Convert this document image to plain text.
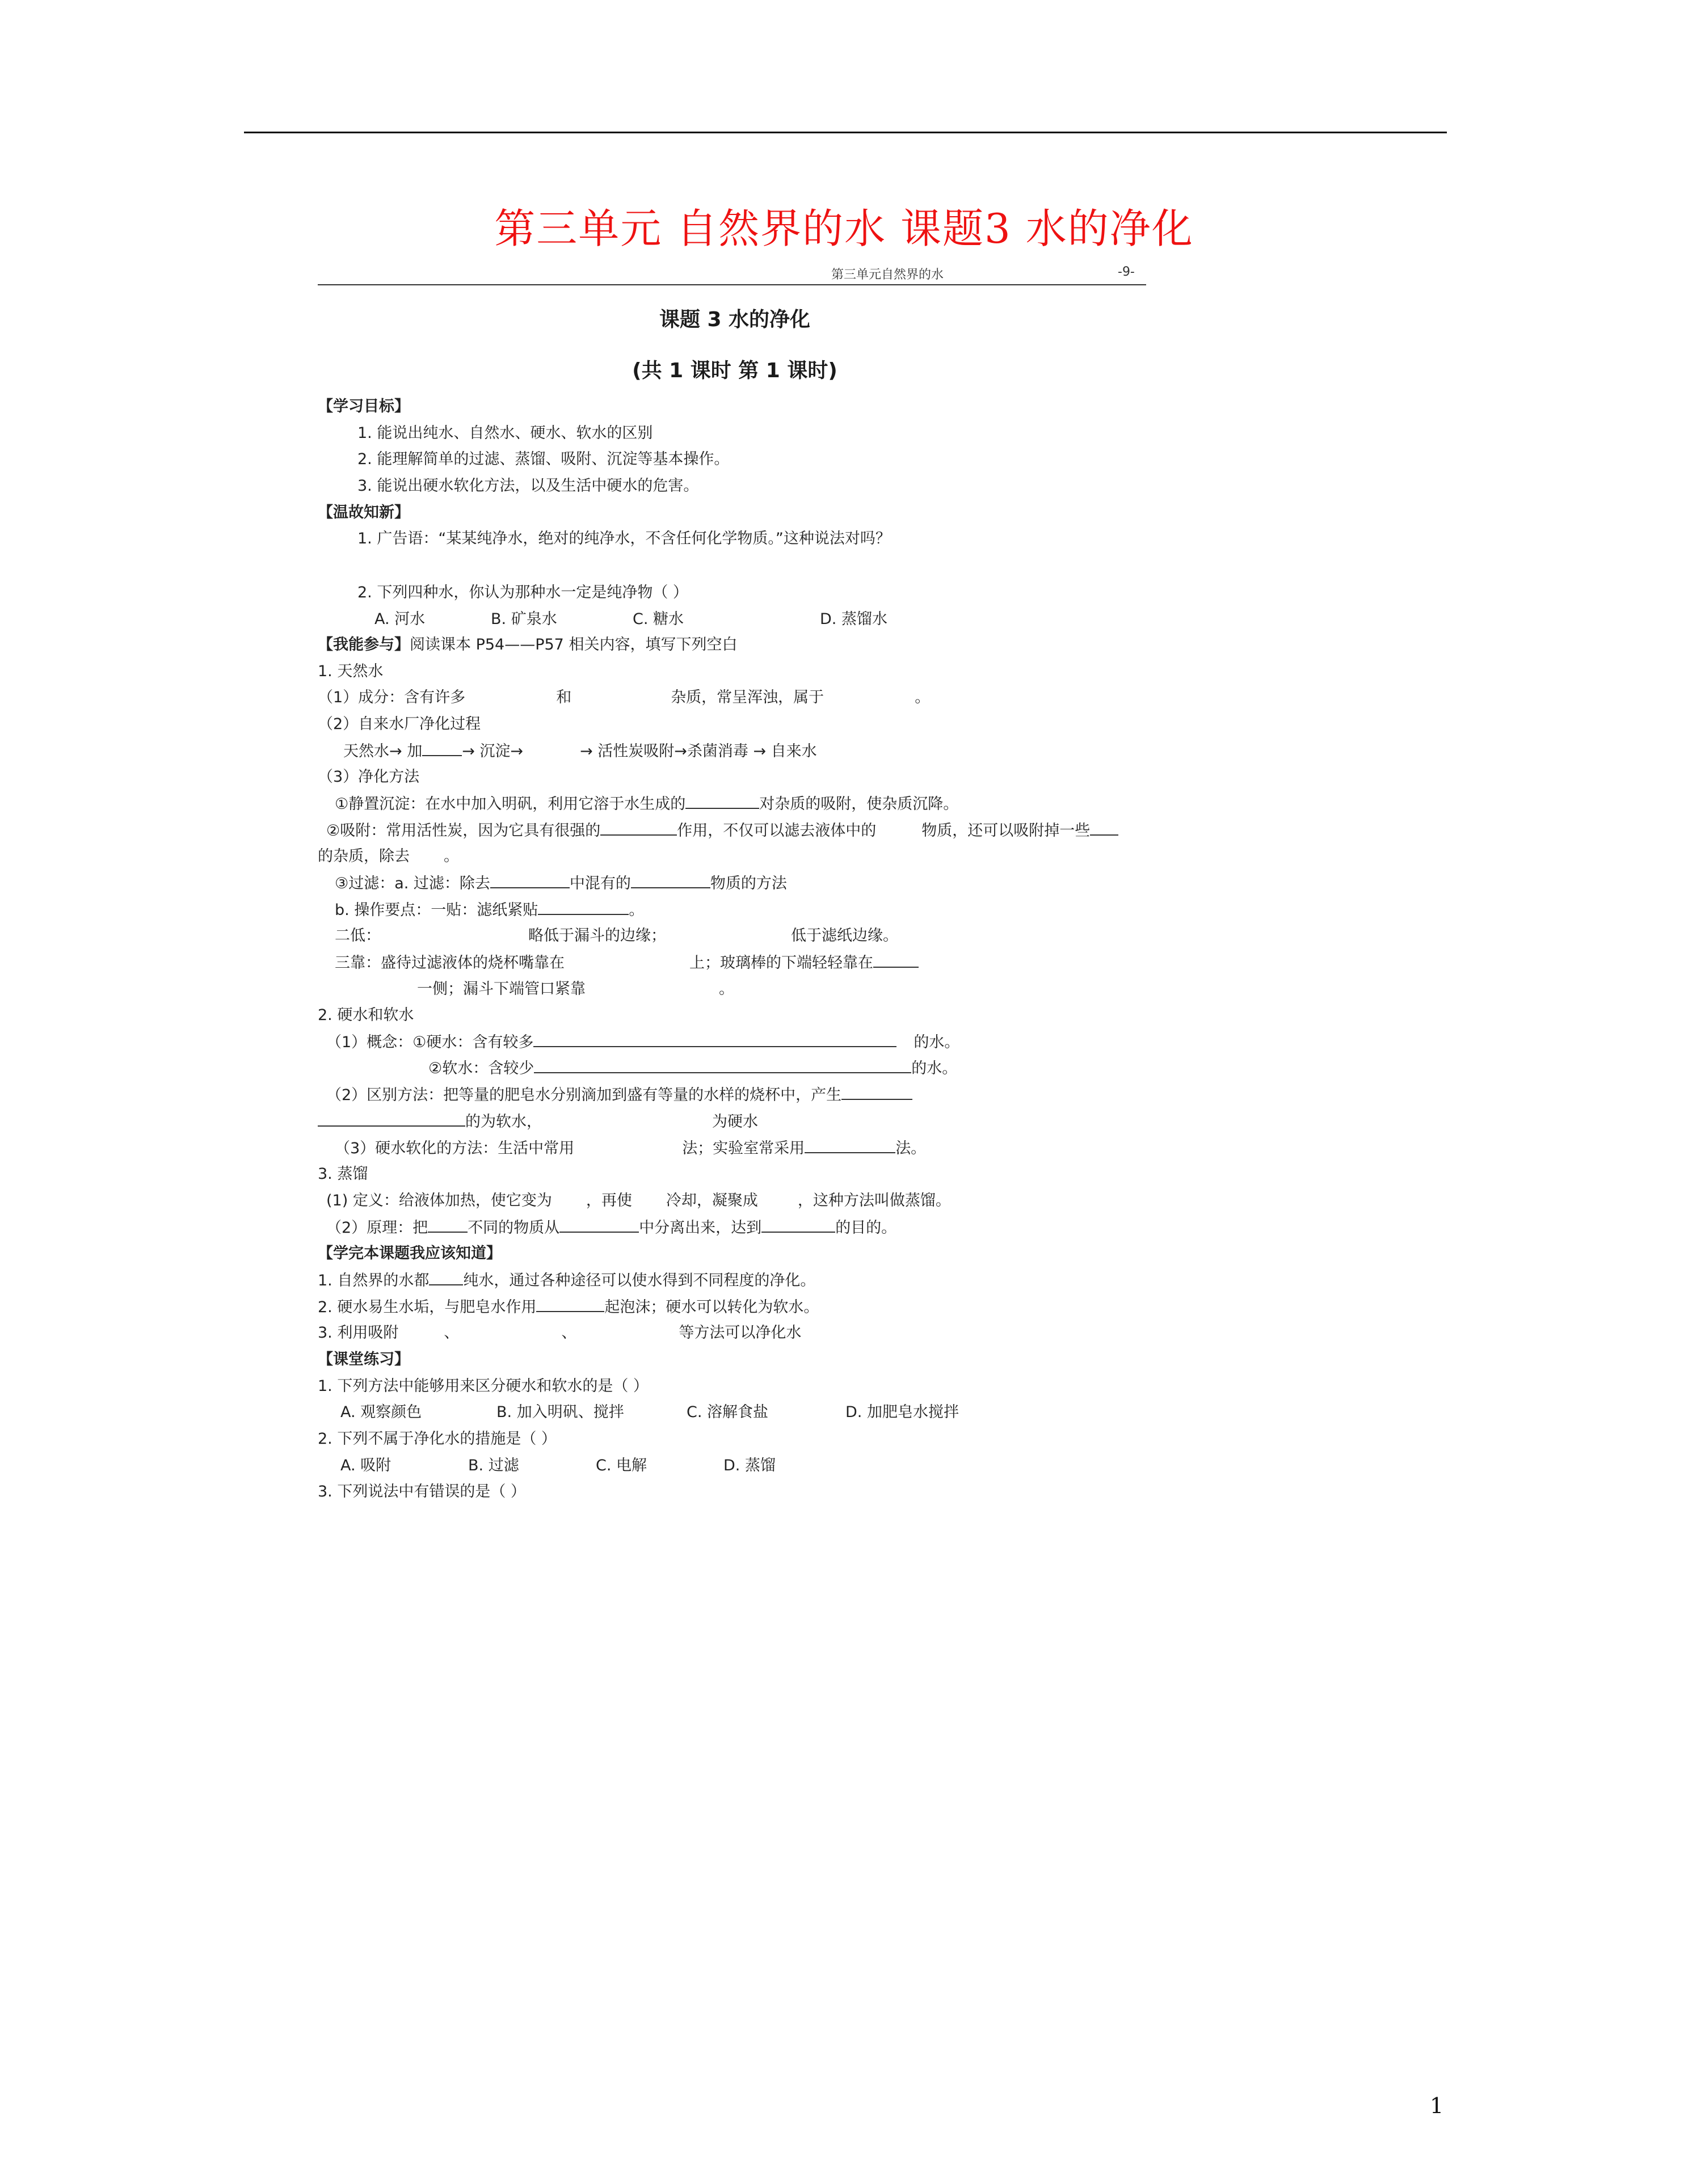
第三单元 自然界的水 课题3 水的净化
第三单元自然界的水	-9-
课题 3 水的净化
(共 1 课时 第 1 课时)
【学习目标】
1. 能说出纯水、自然水、硬水、软水的区别
2. 能理解简单的过滤、蒸馏、吸附、沉淀等基本操作。
3. 能说出硬水软化方法，以及生活中硬水的危害。
【温故知新】
1. 广告语：“某某纯净水，绝对的纯净水，不含任何化学物质。”这种说法对吗？
2. 下列四种水，你认为那种水一定是纯净物（ ）
A. 河水	B. 矿泉水	C. 糖水	D. 蒸馏水
【我能参与】阅读课本 P54——P57 相关内容，填写下列空白
1. 天然水
（1）成分：含有许多	和	杂质，常呈浑浊，属于	。
（2）自来水厂净化过程
天然水→ 加	→ 沉淀→	→ 活性炭吸附→杀菌消毒 → 自来水
（3）净化方法
①静置沉淀：在水中加入明矾，利用它溶于水生成的	对杂质的吸附，使杂质沉降。
②吸附：常用活性炭，因为它具有很强的	作用，不仅可以滤去液体中的	物质，还可以吸附掉一些
的杂质，除去 。
③过滤：a. 过滤：除去	中混有的	物质的方法
b. 操作要点：一贴：滤纸紧贴	。
二低：	略低于漏斗的边缘；	低于滤纸边缘。
三靠：盛待过滤液体的烧杯嘴靠在	上；玻璃棒的下端轻轻靠在
一侧；漏斗下端管口紧靠	。
2. 硬水和软水
（1）概念：①硬水：含有较多	的水。
②软水：含较少	的水。
（2）区别方法：把等量的肥皂水分别滴加到盛有等量的水样的烧杯中，产生
的为软水，	为硬水
（3）硬水软化的方法：生活中常用	法；实验室常采用	法。
3. 蒸馏
(1) 定义：给液体加热，使它变为 ，再使 冷却，凝聚成	，这种方法叫做蒸馏。
（2）原理：把	不同的物质从	中分离出来，达到	的目的。
【学完本课题我应该知道】
1. 自然界的水都 纯水，通过各种途径可以使水得到不同程度的净化。
2. 硬水易生水垢，与肥皂水作用	起泡沫；硬水可以转化为软水。
3. 利用吸附	、	、	等方法可以净化水
【课堂练习】
1. 下列方法中能够用来区分硬水和软水的是（ ）
A. 观察颜色	B. 加入明矾、搅拌	C. 溶解食盐	D. 加肥皂水搅拌
2. 下列不属于净化水的措施是（ ）
A. 吸附	B. 过滤	C. 电解	D. 蒸馏
3. 下列说法中有错误的是（ ）
1
